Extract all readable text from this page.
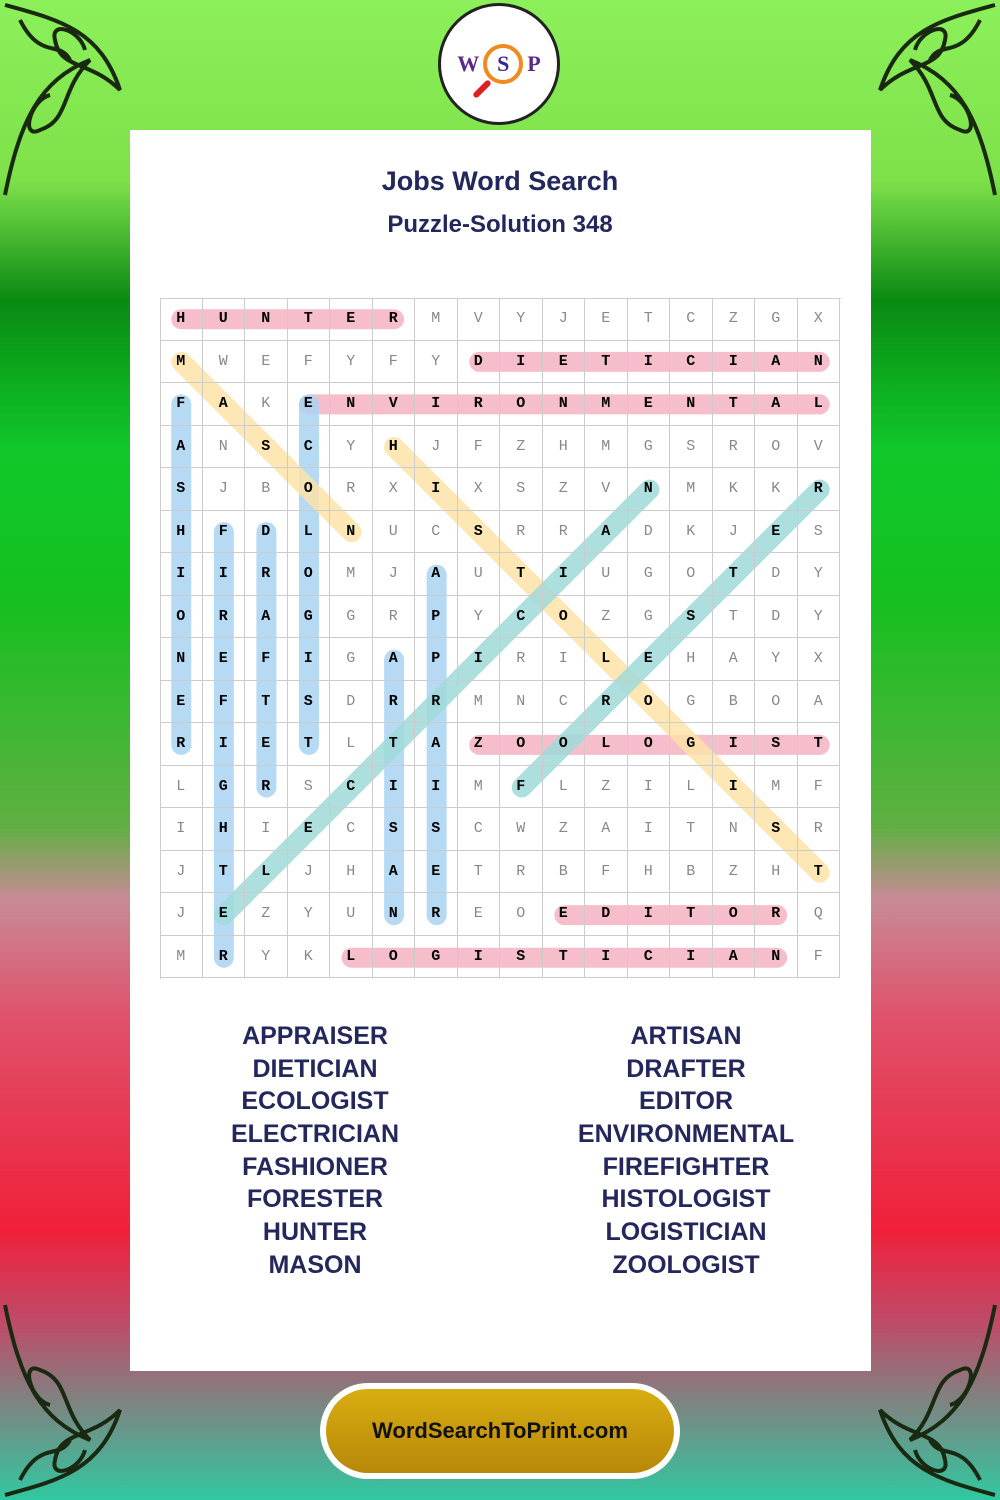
W S P
Jobs Word Search
Puzzle-Solution 348
H	U	N	T	E	R	M	V	Y	J	E	T	C	Z	G	X
M	W	E	F	Y	F	Y	D	I	E	T	I	C	I	A	N
F	A	K	E	N	V	I	R	O	N	M	E	N	T	A	L
A	N	S	C	Y	H	J	F	Z	H	M	G	S	R	O	V
S	J	B	O	R	X	I	X	S	Z	V	N	M	K	K	R
H	F	D	L	N	U	C	S	R	R	A	D	K	J	E	S
I	I	R	O	M	J	A	U	T	I	U	G	O	T	D	Y
O	R	A	G	G	R	P	Y	C	O	Z	G	S	T	D	Y
N	E	F	I	G	A	P	I	R	I	L	E	H	A	Y	X
E	F	T	S	D	R	R	M	N	C	R	O	G	B	O	A
R	I	E	T	L	T	A	Z	O	O	L	O	G	I	S	T
L	G	R	S	C	I	I	M	F	L	Z	I	L	I	M	F
I	H	I	E	C	S	S	C	W	Z	A	I	T	N	S	R
J	T	L	J	H	A	E	T	R	B	F	H	B	Z	H	T
J	E	Z	Y	U	N	R	E	O	E	D	I	T	O	R	Q
M	R	Y	K	L	O	G	I	S	T	I	C	I	A	N	F
APPRAISER
DIETICIAN
ECOLOGIST
ELECTRICIAN
FASHIONER
FORESTER
HUNTER
MASON
ARTISAN
DRAFTER
EDITOR
ENVIRONMENTAL
FIREFIGHTER
HISTOLOGIST
LOGISTICIAN
ZOOLOGIST
WordSearchToPrint.com
